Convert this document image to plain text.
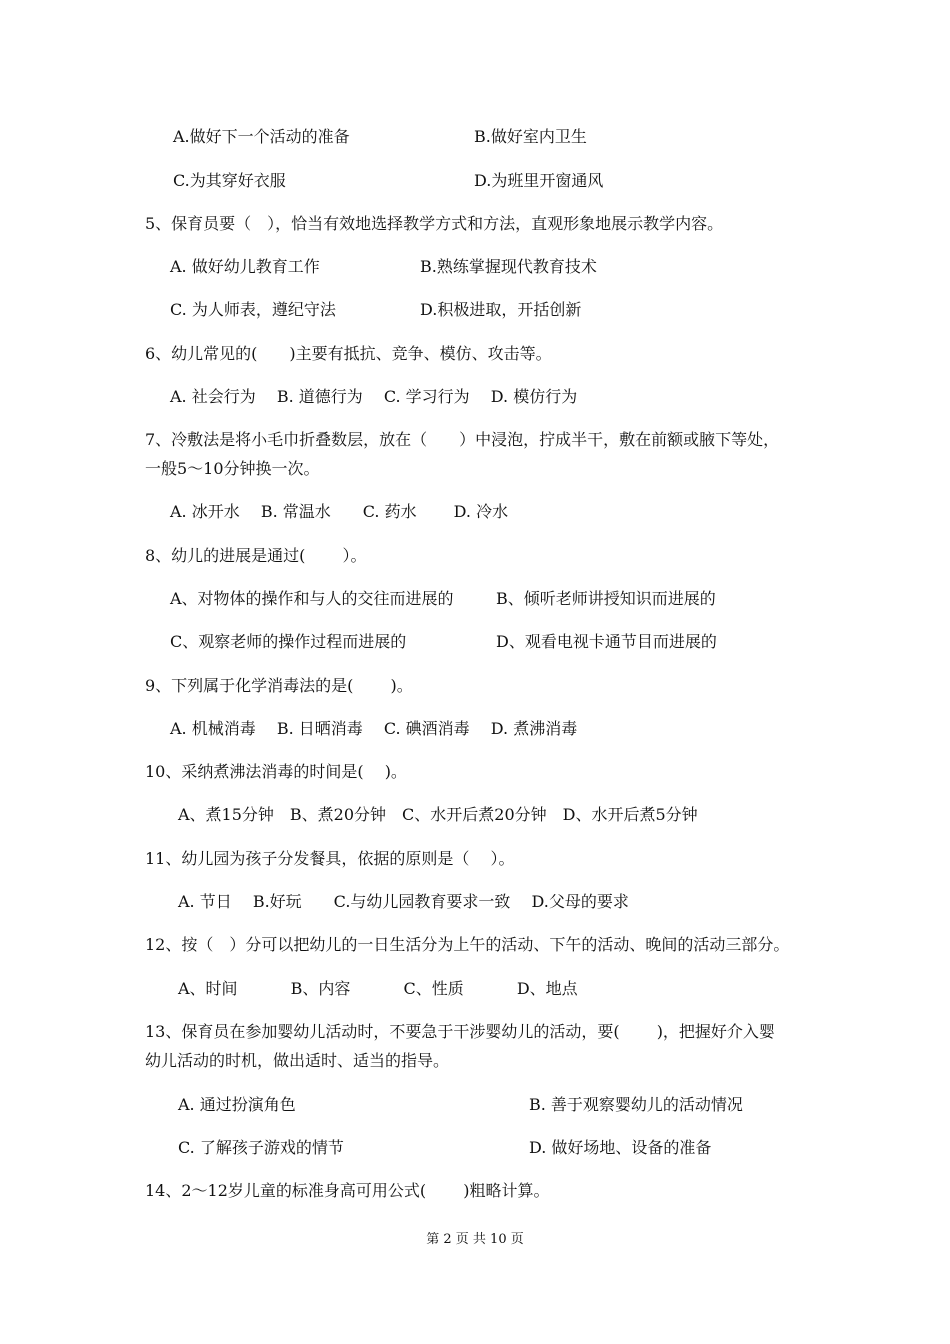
A.做好下一个活动的准备	B.做好室内卫生

C.为其穿好衣服	D.为班里开窗通风

5、保育员要（　），恰当有效地选择教学方式和方法，直观形象地展示教学内容。

A. 做好幼儿教育工作	B.熟练掌握现代教育技术

C. 为人师表，遵纪守法	D.积极进取，开括创新

6、幼儿常见的(　　)主要有抵抗、竞争、模仿、攻击等。

A. 社会行为　 B. 道德行为　 C. 学习行为　 D. 模仿行为

7、冷敷法是将小毛巾折叠数层，放在（　　）中浸泡，拧成半干，敷在前额或腋下等处，

一般5～10分钟换一次。

A. 冰开水　 B. 常温水　　C. 药水　　 D. 冷水

8、幼儿的进展是通过(　　 ）。

A、对物体的操作和与人的交往而进展的	B、倾听老师讲授知识而进展的

C、观察老师的操作过程而进展的	D、观看电视卡通节目而进展的

9、下列属于化学消毒法的是(　　 )。

A. 机械消毒　 B. 日晒消毒　 C. 碘酒消毒　 D. 煮沸消毒

10、采纳煮沸法消毒的时间是(　 )。

A、煮15分钟　B、煮20分钟　C、水开后煮20分钟　D、水开后煮5分钟

11、幼儿园为孩子分发餐具，依据的原则是（　 ）。

A. 节日　 B.好玩　　C.与幼儿园教育要求一致　 D.父母的要求

12、按（　）分可以把幼儿的一日生活分为上午的活动、下午的活动、晚间的活动三部分。

A、时间　　　 B、内容　　　 C、性质　　　 D、地点

13、保育员在参加婴幼儿活动时，不要急于干涉婴幼儿的活动，要(　　 )，把握好介入婴

幼儿活动的时机，做出适时、适当的指导。

A. 通过扮演角色	B. 善于观察婴幼儿的活动情况

C. 了解孩子游戏的情节	D. 做好场地、设备的准备

14、2～12岁儿童的标准身高可用公式(　　 )粗略计算。

第 2 页 共 10 页
